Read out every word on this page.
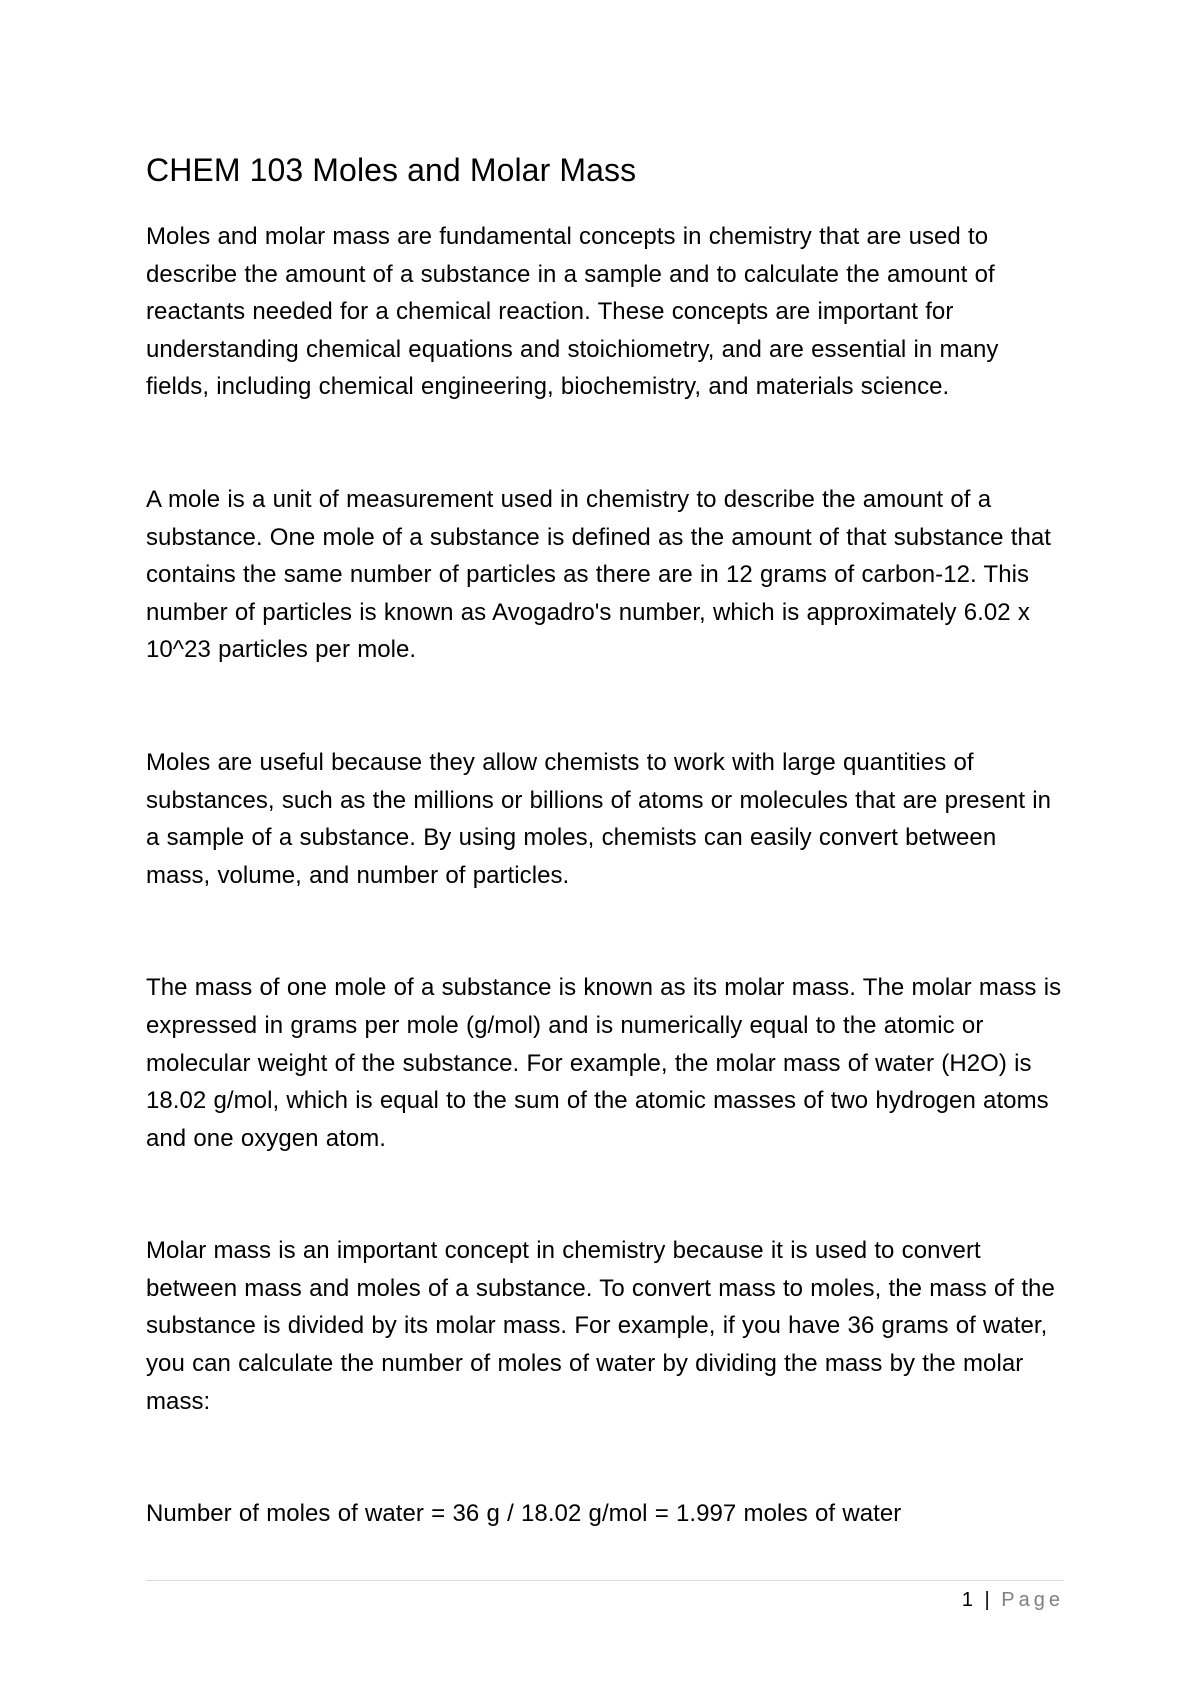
CHEM 103 Moles and Molar Mass

Moles and molar mass are fundamental concepts in chemistry that are used to describe the amount of a substance in a sample and to calculate the amount of reactants needed for a chemical reaction. These concepts are important for understanding chemical equations and stoichiometry, and are essential in many fields, including chemical engineering, biochemistry, and materials science.

A mole is a unit of measurement used in chemistry to describe the amount of a substance. One mole of a substance is defined as the amount of that substance that contains the same number of particles as there are in 12 grams of carbon-12. This number of particles is known as Avogadro's number, which is approximately 6.02 x 10^23 particles per mole.

Moles are useful because they allow chemists to work with large quantities of substances, such as the millions or billions of atoms or molecules that are present in a sample of a substance. By using moles, chemists can easily convert between mass, volume, and number of particles.

The mass of one mole of a substance is known as its molar mass. The molar mass is expressed in grams per mole (g/mol) and is numerically equal to the atomic or molecular weight of the substance. For example, the molar mass of water (H2O) is 18.02 g/mol, which is equal to the sum of the atomic masses of two hydrogen atoms and one oxygen atom.

Molar mass is an important concept in chemistry because it is used to convert between mass and moles of a substance. To convert mass to moles, the mass of the substance is divided by its molar mass. For example, if you have 36 grams of water, you can calculate the number of moles of water by dividing the mass by the molar mass:

Number of moles of water = 36 g / 18.02 g/mol = 1.997 moles of water

1 | Page
